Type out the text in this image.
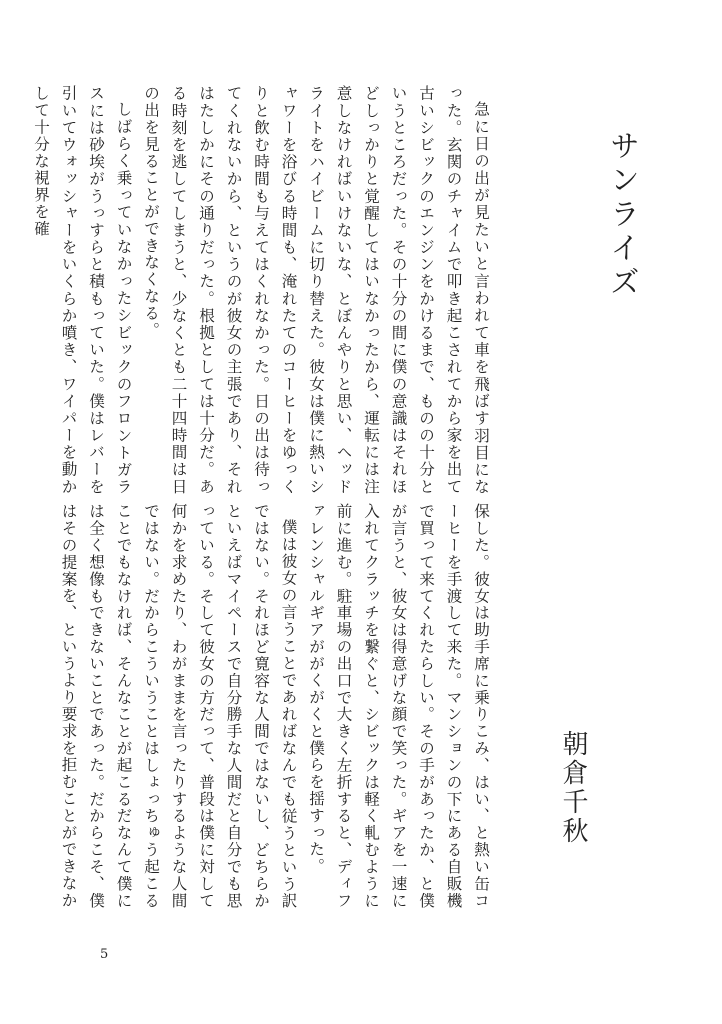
サンライズ
朝倉千秋

急に日の出が見たいと言われて車を飛ばす羽目になった。玄関のチャイムで叩き起こされてから家を出て古いシビックのエンジンをかけるまで、ものの十分というところだった。その十分の間に僕の意識はそれほどしっかりと覚醒してはいなかったから、運転には注意しなければいけないな、とぼんやりと思い、ヘッドライトをハイビームに切り替えた。彼女は僕に熱いシャワーを浴びる時間も、淹れたてのコーヒーをゆっくりと飲む時間も与えてはくれなかった。日の出は待ってくれないから、というのが彼女の主張であり、それはたしかにその通りだった。根拠としては十分だ。ある時刻を逃してしまうと、少なくとも二十四時間は日の出を見ることができなくなる。

しばらく乗っていなかったシビックのフロントガラスには砂埃がうっすらと積もっていた。僕はレバーを引いてウォッシャーをいくらか噴き、ワイパーを動かして十分な視界を確

保した。彼女は助手席に乗りこみ、はい、と熱い缶コーヒーを手渡して来た。マンションの下にある自販機で買って来てくれたらしい。その手があったか、と僕が言うと、彼女は得意げな顔で笑った。ギアを一速に入れてクラッチを繋ぐと、シビックは軽く軋むように前に進む。駐車場の出口で大きく左折すると、ディファレンシャルギアががくがくと僕らを揺すった。

僕は彼女の言うことであればなんでも従うという訳ではない。それほど寛容な人間ではないし、どちらかといえばマイペースで自分勝手な人間だと自分でも思っている。そして彼女の方だって、普段は僕に対して何かを求めたり、わがままを言ったりするような人間ではない。だからこういうことはしょっちゅう起こることでもなければ、そんなことが起こるだなんて僕には全く想像もできないことであった。だからこそ、僕はその提案を、というより要求を拒むことができなか

5
